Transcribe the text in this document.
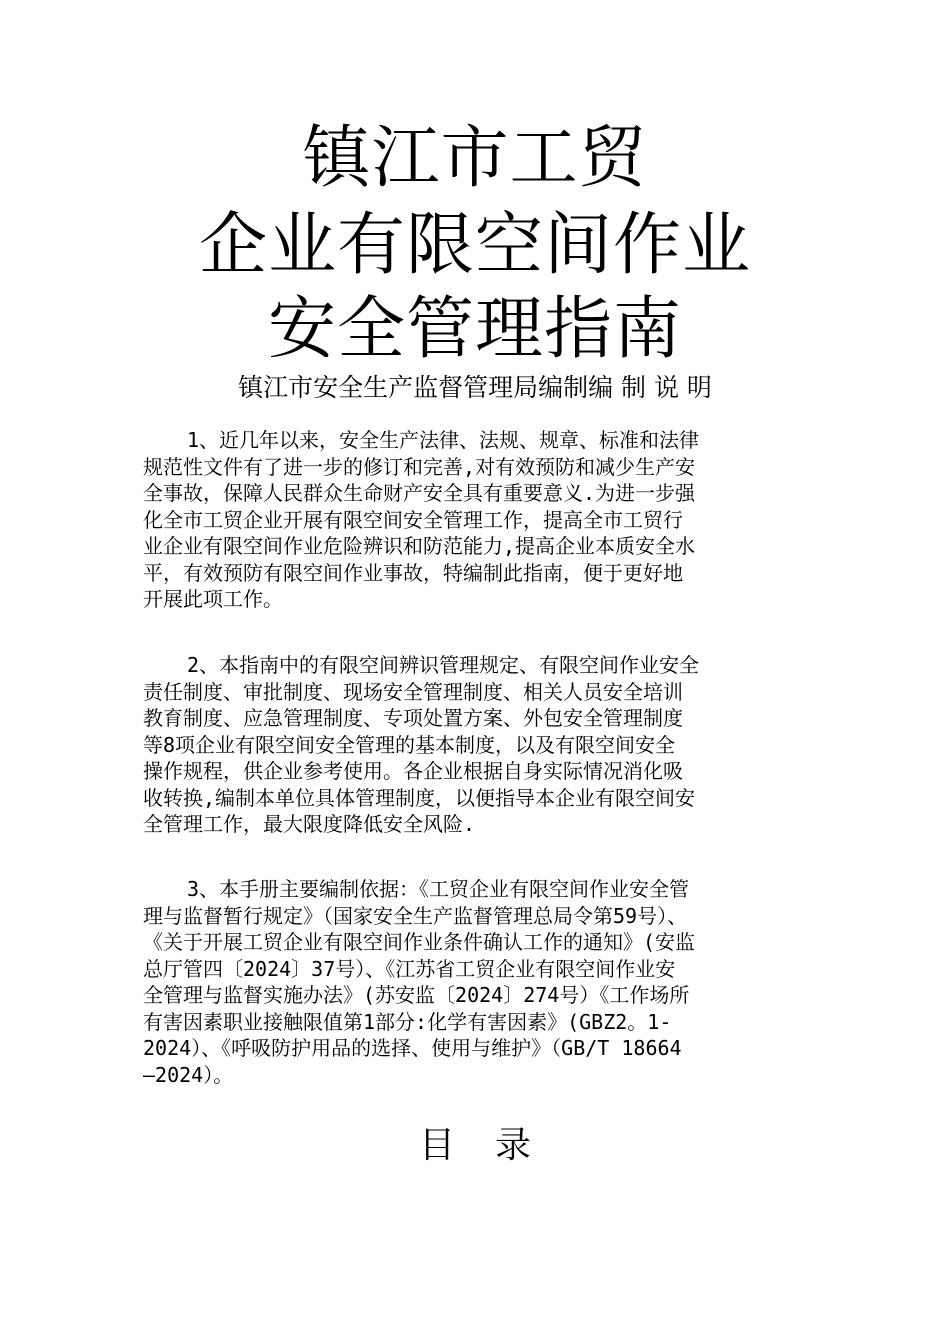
镇江市工贸
企业有限空间作业
安全管理指南
镇江市安全生产监督管理局编制编 制 说 明
1、近几年以来，安全生产法律、法规、规章、标准和法律
规范性文件有了进一步的修订和完善,对有效预防和减少生产安
全事故，保障人民群众生命财产安全具有重要意义.为进一步强
化全市工贸企业开展有限空间安全管理工作，提高全市工贸行
业企业有限空间作业危险辨识和防范能力,提高企业本质安全水
平，有效预防有限空间作业事故，特编制此指南，便于更好地
开展此项工作。
2、本指南中的有限空间辨识管理规定、有限空间作业安全
责任制度、审批制度、现场安全管理制度、相关人员安全培训
教育制度、应急管理制度、专项处置方案、外包安全管理制度
等8项企业有限空间安全管理的基本制度，以及有限空间安全
操作规程，供企业参考使用。各企业根据自身实际情况消化吸
收转换,编制本单位具体管理制度，以便指导本企业有限空间安
全管理工作，最大限度降低安全风险.
3、本手册主要编制依据：《工贸企业有限空间作业安全管
理与监督暂行规定》（国家安全生产监督管理总局令第59号）、
《关于开展工贸企业有限空间作业条件确认工作的通知》(安监
总厅管四〔2024〕37号）、《江苏省工贸企业有限空间作业安
全管理与监督实施办法》(苏安监〔2024〕274号）《工作场所
有害因素职业接触限值第1部分:化学有害因素》(GBZ2。1-
2024）、《呼吸防护用品的选择、使用与维护》（GB/T 18664
—2024）。
目录
